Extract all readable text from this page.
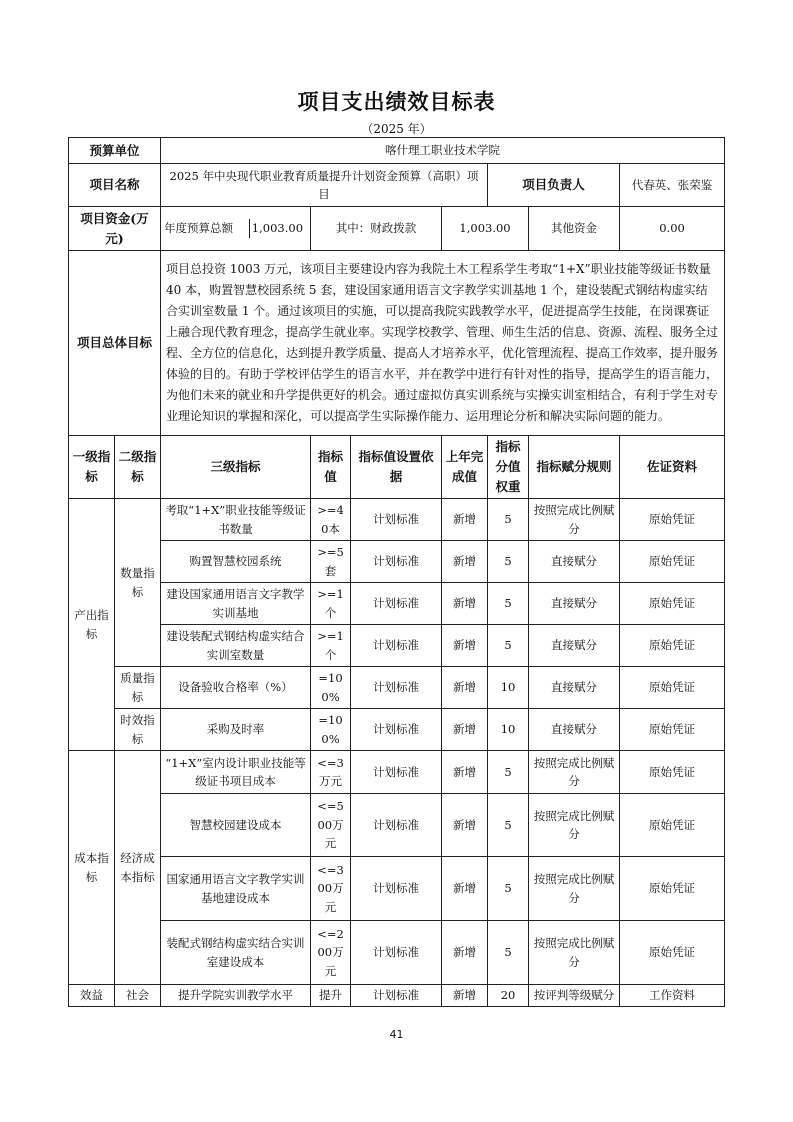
项目支出绩效目标表
（2025 年）
预算单位		喀什理工职业技术学院						
项目名称		2025 年中央现代职业教育质量提升计划资金预算（高职）项目				项目负责人		代春英、张荣鉴
项目资金(万元)		年度预算总额 1,003.00	其中：财政拨款		1,003.00		其他资金	0.00
项目总体目标		项目总投资 1003 万元，该项目主要建设内容为我院土木工程系学生考取“1+X”职业技能等级证书数量 40 本，购置智慧校园系统 5 套，建设国家通用语言文字教学实训基地 1 个，建设装配式钢结构虚实结合实训室数量 1 个。通过该项目的实施，可以提高我院实践教学水平，促进提高学生技能，在岗课赛证上融合现代教育理念，提高学生就业率。实现学校教学、管理、师生生活的信息、资源、流程、服务全过程、全方位的信息化，达到提升教学质量、提高人才培养水平，优化管理流程、提高工作效率，提升服务体验的目的。有助于学校评估学生的语言水平，并在教学中进行有针对性的指导，提高学生的语言能力，为他们未来的就业和升学提供更好的机会。通过虚拟仿真实训系统与实操实训室相结合，有利于学生对专业理论知识的掌握和深化，可以提高学生实际操作能力、运用理论分析和解决实际问题的能力。						
一级指标	二级指标	三级指标	指标值	指标值设置依据	上年完成值	指标分值权重	指标赋分规则	佐证资料
产出指标	数量指标	考取“1+X”职业技能等级证书数量	>=40本	计划标准	新增	5	按照完成比例赋分	原始凭证
		购置智慧校园系统	>=5套	计划标准	新增	5	直接赋分	原始凭证
		建设国家通用语言文字教学实训基地	>=1个	计划标准	新增	5	直接赋分	原始凭证
		建设装配式钢结构虚实结合实训室数量	>=1个	计划标准	新增	5	直接赋分	原始凭证
	质量指标	设备验收合格率（%）	=100%	计划标准	新增	10	直接赋分	原始凭证
	时效指标	采购及时率	=100%	计划标准	新增	10	直接赋分	原始凭证
成本指标	经济成本指标	“1+X”室内设计职业技能等级证书项目成本	<=3万元	计划标准	新增	5	按照完成比例赋分	原始凭证
		智慧校园建设成本	<=500万元	计划标准	新增	5	按照完成比例赋分	原始凭证
		国家通用语言文字教学实训基地建设成本	<=300万元	计划标准	新增	5	按照完成比例赋分	原始凭证
		装配式钢结构虚实结合实训室建设成本	<=200万元	计划标准	新增	5	按照完成比例赋分	原始凭证
效益	社会	提升学院实训教学水平	提升	计划标准	新增	20	按评判等级赋分	工作资料
41
